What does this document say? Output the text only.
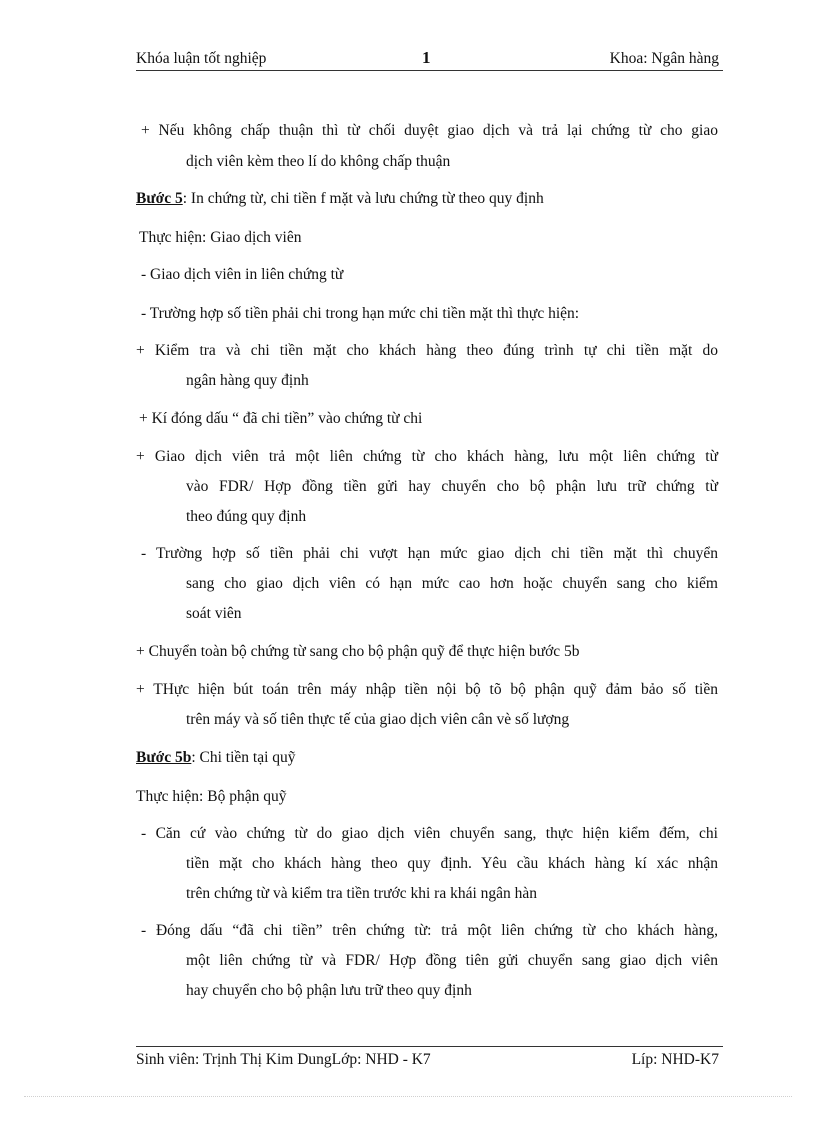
Khóa luận tốt nghiệp	1	Khoa: Ngân hàng
+ Nếu không chấp thuận thì từ chối duyệt giao dịch và trả lại chứng từ cho giao
dịch viên kèm theo lí do không chấp thuận
Bước 5: In chứng từ, chi tiền f mặt và lưu chứng từ theo quy định
Thực hiện: Giao dịch viên
- Giao dịch viên in liên chứng từ
- Trường hợp số tiền phải chi trong hạn mức chi tiền mặt thì thực hiện:
+ Kiểm tra và chi tiền mặt cho khách hàng theo đúng trình tự chi tiền mặt do
ngân hàng quy định
+ Kí đóng dấu “ đã chi tiền” vào chứng từ chi
+ Giao dịch viên trả một liên chứng từ cho khách hàng, lưu một liên chứng từ
vào FDR/ Hợp đồng tiền gửi hay chuyển cho bộ phận lưu trữ chứng từ
theo đúng quy định
- Trường hợp số tiền phải chi vượt hạn mức giao dịch chi tiền mặt thì chuyển
sang cho giao dịch viên có hạn mức cao hơn hoặc chuyển sang cho kiểm
soát viên
+ Chuyển toàn bộ chứng từ sang cho bộ phận quỹ để thực hiện bước 5b
+ THực hiện bút toán trên máy nhập tiền nội bộ tõ bộ phận quỹ đảm bảo số tiền
trên máy và số tiên thực tế của giao dịch viên cân vè số lượng
Bước 5b: Chi tiền tại quỹ
Thực hiện: Bộ phận quỹ
- Căn cứ vào chứng từ do giao dịch viên chuyển sang, thực hiện kiểm đếm, chi
tiền mặt cho khách hàng theo quy định. Yêu cầu khách hàng kí xác nhận
trên chứng từ và kiểm tra tiền trước khi ra khái ngân hàn
- Đóng dấu “đã chi tiền” trên chứng từ: trả một liên chứng từ cho khách hàng,
một liên chứng từ và FDR/ Hợp đồng tiên gửi chuyển sang giao dịch viên
hay chuyển cho bộ phận lưu trữ theo quy định
Sinh viên: Trịnh Thị Kim DungLớp: NHD - K7	Líp: NHD-K7
